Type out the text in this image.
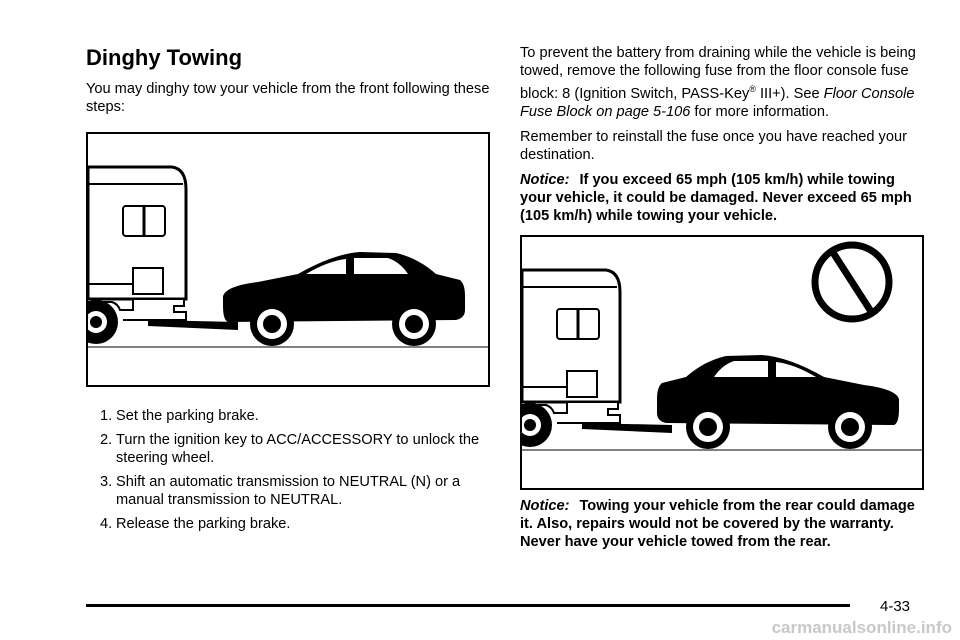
Dinghy Towing

You may dinghy tow your vehicle from the front following these steps:

1. Set the parking brake.
2. Turn the ignition key to ACC/ACCESSORY to unlock the steering wheel.
3. Shift an automatic transmission to NEUTRAL (N) or a manual transmission to NEUTRAL.
4. Release the parking brake.

To prevent the battery from draining while the vehicle is being towed, remove the following fuse from the floor console fuse block: 8 (Ignition Switch, PASS-Key® III+). See Floor Console Fuse Block on page 5-106 for more information.

Remember to reinstall the fuse once you have reached your destination.

Notice: If you exceed 65 mph (105 km/h) while towing your vehicle, it could be damaged. Never exceed 65 mph (105 km/h) while towing your vehicle.

Notice: Towing your vehicle from the rear could damage it. Also, repairs would not be covered by the warranty. Never have your vehicle towed from the rear.

4-33
carmanualsonline.info
